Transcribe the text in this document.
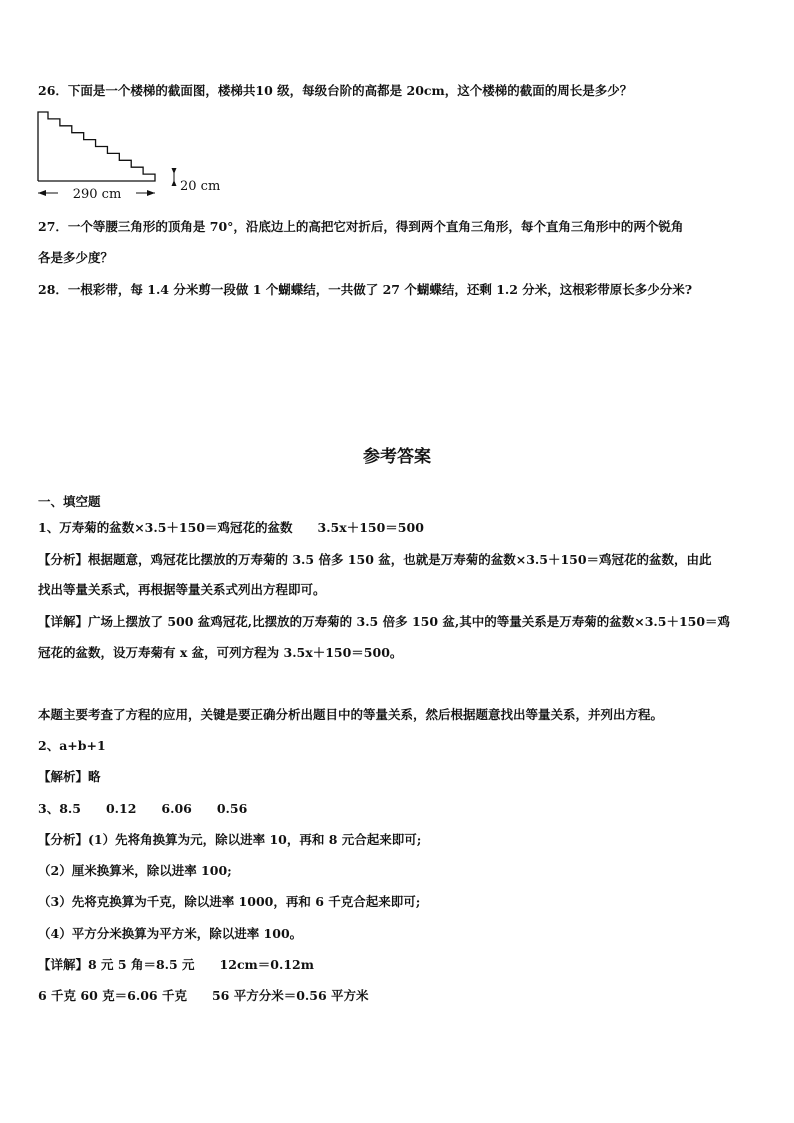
26．下面是一个楼梯的截面图，楼梯共10 级，每级台阶的高都是 20cm，这个楼梯的截面的周长是多少？
290 cm
20 cm
27．一个等腰三角形的顶角是 70°，沿底边上的高把它对折后，得到两个直角三角形，每个直角三角形中的两个锐角
各是多少度？
28．一根彩带，每 1.4 分米剪一段做 1 个蝴蝶结，一共做了 27 个蝴蝶结，还剩 1.2 分米，这根彩带原长多少分米?
参考答案
一、填空题
1、万寿菊的盆数×3.5＋150＝鸡冠花的盆数　　3.5x＋150＝500
【分析】根据题意，鸡冠花比摆放的万寿菊的 3.5 倍多 150 盆，也就是万寿菊的盆数×3.5＋150＝鸡冠花的盆数，由此
找出等量关系式，再根据等量关系式列出方程即可。
【详解】广场上摆放了 500 盆鸡冠花,比摆放的万寿菊的 3.5 倍多 150 盆,其中的等量关系是万寿菊的盆数×3.5＋150＝鸡
冠花的盆数，设万寿菊有 x 盆，可列方程为 3.5x＋150＝500。
本题主要考查了方程的应用，关键是要正确分析出题目中的等量关系，然后根据题意找出等量关系，并列出方程。
2、a+b+1
【解析】略
3、8.5　　0.12　　6.06　　0.56
【分析】(1）先将角换算为元，除以进率 10，再和 8 元合起来即可;
（2）厘米换算米，除以进率 100;
（3）先将克换算为千克，除以进率 1000，再和 6 千克合起来即可;
（4）平方分米换算为平方米，除以进率 100。
【详解】8 元 5 角＝8.5 元　　12cm＝0.12m
6 千克 60 克＝6.06 千克　　56 平方分米＝0.56 平方米
